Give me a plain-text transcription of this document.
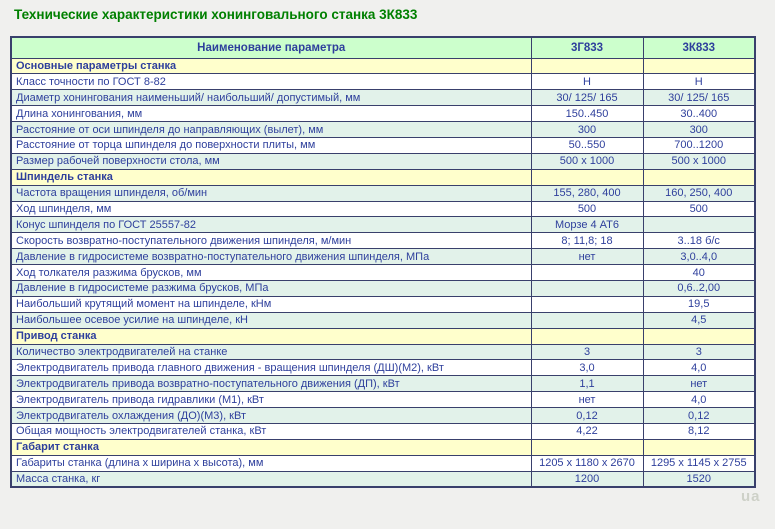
Технические характеристики хонинговального станка 3К833
Наименование параметра	3Г833	3К833
Основные параметры станка		
Класс точности по ГОСТ 8-82	Н	Н
Диаметр хонингования наименьший/ наибольший/ допустимый, мм	30/ 125/ 165	30/ 125/ 165
Длина хонингования, мм	150..450	30..400
Расстояние от оси шпинделя до направляющих (вылет), мм	300	300
Расстояние от торца шпинделя до поверхности плиты, мм	50..550	700..1200
Размер рабочей поверхности стола, мм	500 х 1000	500 х 1000
Шпиндель станка		
Частота вращения шпинделя, об/мин	155, 280, 400	160, 250, 400
Ход шпинделя, мм	500	500
Конус шпинделя по ГОСТ 25557-82	Морзе 4 АТ6	
Скорость возвратно-поступательного движения шпинделя, м/мин	8; 11,8; 18	3..18 б/с
Давление в гидросистеме возвратно-поступательного движения шпинделя, МПа	нет	3,0..4,0
Ход толкателя разжима брусков, мм		40
Давление в гидросистеме разжима брусков, МПа		0,6..2,00
Наибольший крутящий момент на шпинделе, кНм		19,5
Наибольшее осевое усилие на шпинделе, кН		4,5
Привод станка		
Количество электродвигателей на станке	3	3
Электродвигатель привода главного движения - вращения шпинделя (ДШ)(М2), кВт	3,0	4,0
Электродвигатель привода возвратно-поступательного движения (ДП), кВт	1,1	нет
Электродвигатель привода гидравлики (М1), кВт	нет	4,0
Электродвигатель охлаждения (ДО)(М3), кВт	0,12	0,12
Общая мощность электродвигателей станка, кВт	4,22	8,12
Габарит станка		
Габариты станка (длина х ширина х высота), мм	1205 х 1180 х 2670	1295 х 1145 х 2755
Масса станка, кг	1200	1520
ua
